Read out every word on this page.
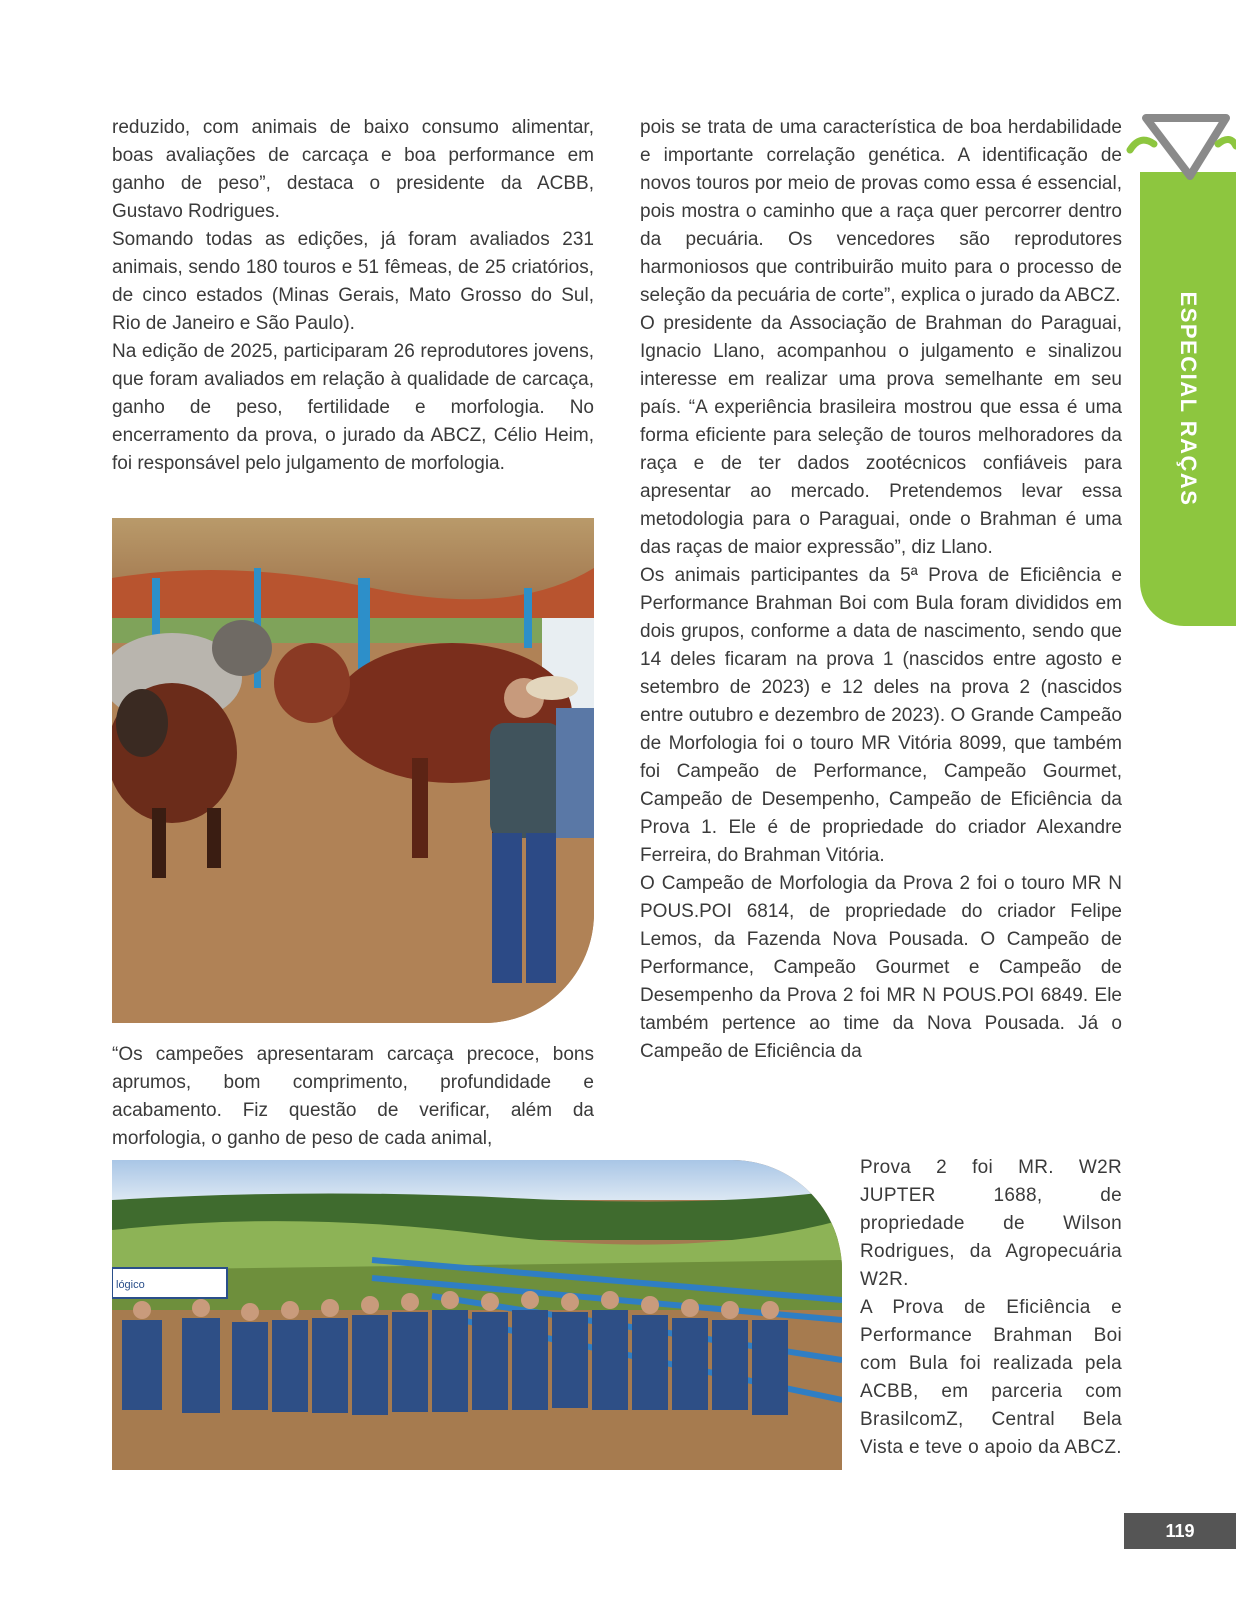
reduzido, com animais de baixo consumo alimentar, boas avaliações de carcaça e boa performance em ganho de peso”, destaca o presidente da ACBB, Gustavo Rodrigues.

Somando todas as edições, já foram avaliados 231 animais, sendo 180 touros e 51 fêmeas, de 25 criatórios, de cinco estados (Minas Gerais, Mato Grosso do Sul, Rio de Janeiro e São Paulo).

Na edição de 2025, participaram 26 reprodutores jovens, que foram avaliados em relação à qualidade de carcaça, ganho de peso, fertilidade e morfologia. No encerramento da prova, o jurado da ABCZ, Célio Heim, foi responsável pelo julgamento de morfologia.

“Os campeões apresentaram carcaça precoce, bons aprumos, bom comprimento, profundidade e acabamento. Fiz questão de verificar, além da morfologia, o ganho de peso de cada animal,

pois se trata de uma característica de boa herdabilidade e importante correlação genética. A identificação de novos touros por meio de provas como essa é essencial, pois mostra o caminho que a raça quer percorrer dentro da pecuária. Os vencedores são reprodutores harmoniosos que contribuirão muito para o processo de seleção da pecuária de corte”, explica o jurado da ABCZ.

O presidente da Associação de Brahman do Paraguai, Ignacio Llano, acompanhou o julgamento e sinalizou interesse em realizar uma prova semelhante em seu país. “A experiência brasileira mostrou que essa é uma forma eficiente para seleção de touros melhoradores da raça e de ter dados zootécnicos confiáveis para apresentar ao mercado. Pretendemos levar essa metodologia para o Paraguai, onde o Brahman é uma das raças de maior expressão”, diz Llano.

Os animais participantes da 5ª Prova de Eficiência e Performance Brahman Boi com Bula foram divididos em dois grupos, conforme a data de nascimento, sendo que 14 deles ficaram na prova 1 (nascidos entre agosto e setembro de 2023) e 12 deles na prova 2 (nascidos entre outubro e dezembro de 2023). O Grande Campeão de Morfologia foi o touro MR Vitória 8099, que também foi Campeão de Performance, Campeão Gourmet, Campeão de Desempenho, Campeão de Eficiência da Prova 1. Ele é de propriedade do criador Alexandre Ferreira, do Brahman Vitória.

O Campeão de Morfologia da Prova 2 foi o touro MR N POUS.POI 6814, de propriedade do criador Felipe Lemos, da Fazenda Nova Pousada. O Campeão de Performance, Campeão Gourmet e Campeão de Desempenho da Prova 2 foi MR N POUS.POI 6849. Ele também pertence ao time da Nova Pousada. Já o Campeão de Eficiência da

Prova 2 foi MR. W2R JUPTER 1688, de propriedade de Wilson Rodrigues, da Agropecuária W2R.

A Prova de Eficiência e Performance Brahman Boi com Bula foi realizada pela ACBB, em parceria com BrasilcomZ, Central Bela Vista e teve o apoio da ABCZ.

lógico
ESPECIAL RAÇAS
119
